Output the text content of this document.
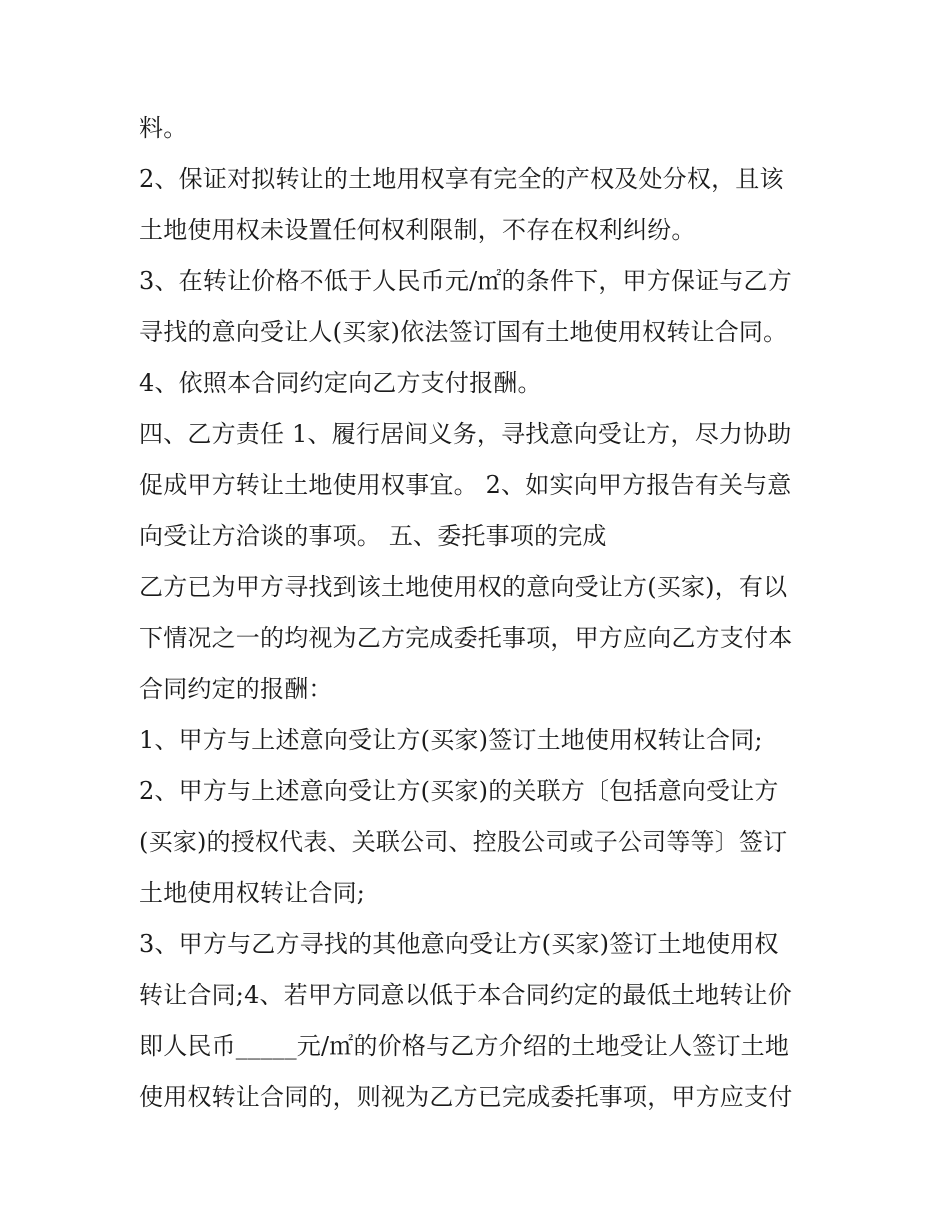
料。
2、保证对拟转让的土地用权享有完全的产权及处分权，且该
土地使用权未设置任何权利限制，不存在权利纠纷。
3、在转让价格不低于人民币元/㎡的条件下，甲方保证与乙方
寻找的意向受让人(买家)依法签订国有土地使用权转让合同。
4、依照本合同约定向乙方支付报酬。
四、乙方责任 1、履行居间义务，寻找意向受让方，尽力协助
促成甲方转让土地使用权事宜。 2、如实向甲方报告有关与意
向受让方洽谈的事项。 五、委托事项的完成
乙方已为甲方寻找到该土地使用权的意向受让方(买家)，有以
下情况之一的均视为乙方完成委托事项，甲方应向乙方支付本
合同约定的报酬：
1、甲方与上述意向受让方(买家)签订土地使用权转让合同;
2、甲方与上述意向受让方(买家)的关联方〔包括意向受让方
(买家)的授权代表、关联公司、控股公司或子公司等等〕签订
土地使用权转让合同;
3、甲方与乙方寻找的其他意向受让方(买家)签订土地使用权
转让合同;4、若甲方同意以低于本合同约定的最低土地转让价
即人民币_____元/㎡的价格与乙方介绍的土地受让人签订土地
使用权转让合同的，则视为乙方已完成委托事项，甲方应支付
